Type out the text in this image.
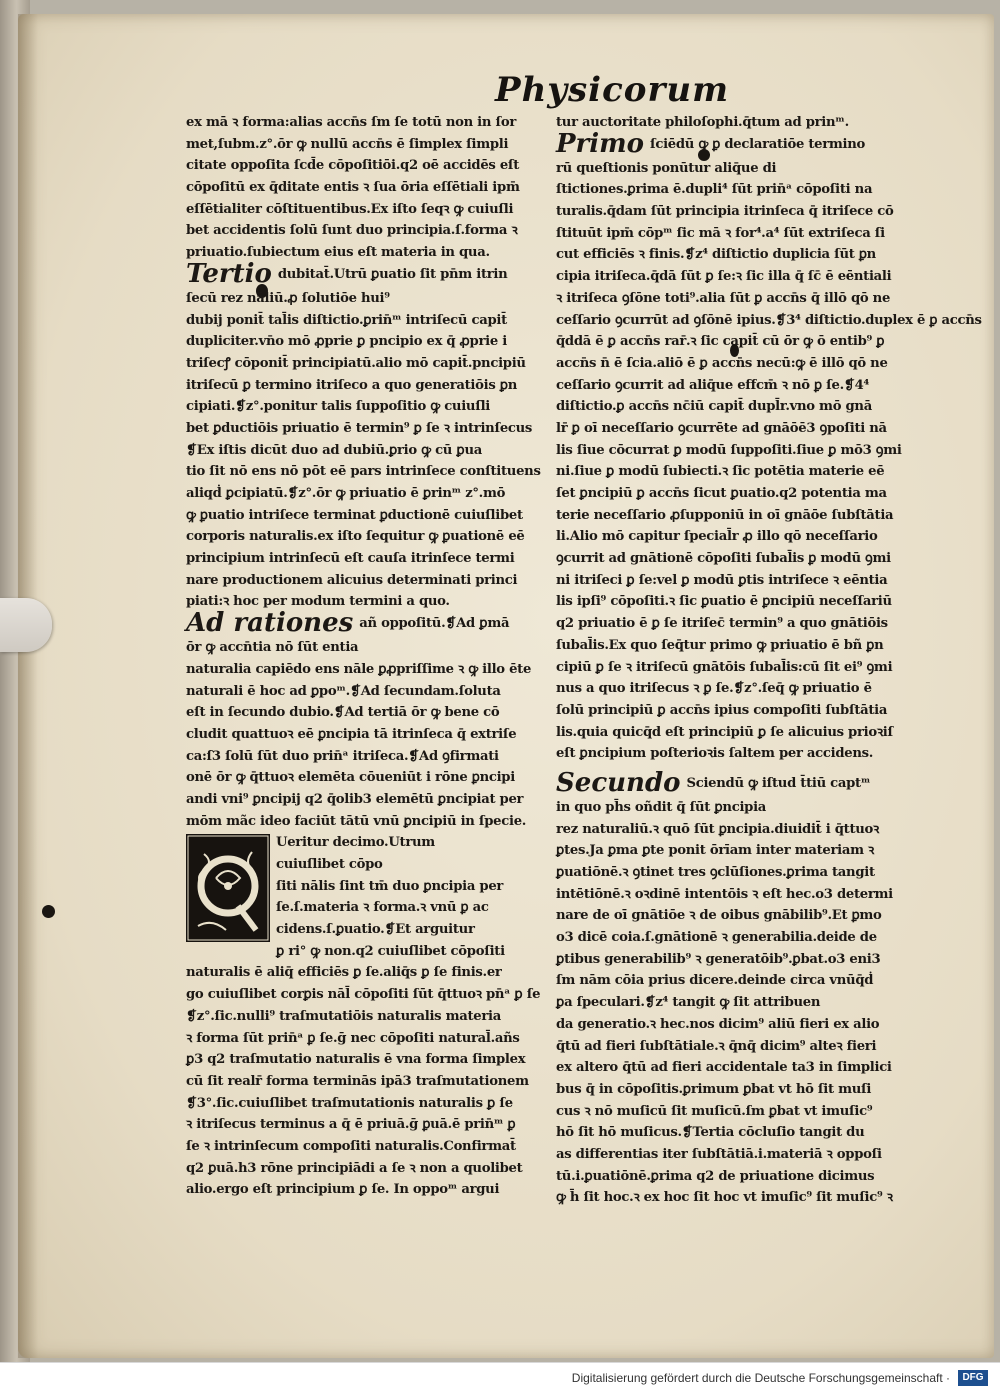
Physicorum
ex mā ꝛ forma:alias accn̄s ſm ſe totū non in ſor
met,ſubm.z°.ōr ꝙ nullū accn̄s ē ſimplex ſimpli
citate oppoſita ſcd̄e cōpoſitiōi.q2 oē accidēs eſt
cōpoſitū ex q̄ditate entis ꝛ ſua ōria eſſētiali ipm̄
eſſētialiter cōſtituentibus.Ex iſto ſeqꝛ ꝙ cuiuſli
bet accidentis ſolū ſunt duo principia.ſ.forma ꝛ
priuatio.ſubiectum eius eſt materia in qua.
Tertio dubitat̄.Utrū ꝑuatio ſit pn̄m itrin
ſecū rez nāliū.ꝓ ſolutiōe hui⁹
dubij ponit̄ tal̄is diſtictio.ꝑrin̄ᵐ intriſecū capit̄
dupliciter.vn̄o mō ꝓprie ꝑ pncipio ex q̄ ꝓprie i
triſecꝭ cōponit̄ principiatū.alio mō capit̄.pncipiū
itriſecū ꝑ termino itriſeco a quo generatiōis ꝑn
cipiati.❡z°.ponitur talis ſuppoſitio ꝙ cuiuſli
bet ꝑductiōis priuatio ē termin⁹ ꝑ ſe ꝛ intrinſecus
❡Ex iſtis dicūt duo ad dubiū.ꝑrio ꝙ cū ꝑua
tio ſit nō ens nō pōt eē pars intrinſece conſtituens
aliqḋ ꝑcipiatū.❡z°.ōr ꝙ priuatio ē ꝑrinᵐ z°.mō
ꝙ ꝑuatio intriſece terminat ꝑductionē cuiuſlibet
corporis naturalis.ex iſto ſequitur ꝙ ꝑuationē eē
principium intrinſecū eſt cauſa itrinſece termi
nare productionem alicuius determinati princi
piati:ꝛ hoc per modum termini a quo.
Ad rationes añ oppoſitū.❡Ad ꝑmā
ōr ꝙ accn̄tia nō ſūt entia
naturalia capiēdo ens nāle ꝑꝓpriſſime ꝛ ꝙ illo ēte
naturali ē hoc ad ꝑpoᵐ.❡Ad ſecundam.ſoluta
eſt in ſecundo dubio.❡Ad tertiā ōr ꝙ bene cō
cludit quattuoꝛ eē ꝑncipia tā itrinſeca q̄ extriſe
ca:ſ3 ſolū ſūt duo prin̄ᵃ itriſeca.❡Ad ꝯfirmati
onē ōr ꝙ q̄ttuoꝛ elemēta cōueniūt i rōne ꝑncipi
andi vni⁹ ꝑncipij q2 q̄olib3 elemētū ꝑncipiat per
mōm mãc ideo faciūt tātū vnū ꝑncipiū in ſpecie.
Ueritur decimo.Utrum
cuiuſlibet cōpo
ſiti nālis ſint tm̄ duo ꝑncipia per
ſe.ſ.materia ꝛ forma.ꝛ vnū ꝑ ac
cidens.ſ.ꝑuatio.❡Et arguitur
ꝑ ri° ꝙ non.q2 cuiuſlibet cōpoſiti
naturalis ē aliq̄ efficiēs ꝑ ſe.aliq̄s ꝑ ſe finis.er
go cuiuſlibet corꝑis nāl̄ cōpoſiti ſūt q̄ttuoꝛ pn̄ᵃ ꝑ ſe
❡z°.ſic.nulli⁹ traſmutatiōis naturalis materia
ꝛ forma ſūt prin̄ᵃ ꝑ ſe.ḡ nec cōpoſiti natural̄.añs
ꝑ3 q2 traſmutatio naturalis ē vna forma ſimplex
cū ſit realr̄ forma terminās ipā3 traſmutationem
❡3°.ſic.cuiuſlibet traſmutationis naturalis ꝑ ſe
ꝛ itriſecus terminus a q̄ ē priuā.ḡ ꝑuā.ē prin̄ᵐ ꝑ
ſe ꝛ intrinſecum compoſiti naturalis.Confirmat̄
q2 ꝑuā.h3 rōne principiādi a ſe ꝛ non a quolibet
alio.ergo eſt principium ꝑ ſe. In oppoᵐ argui
tur auctoritate philoſophi.q̄tum ad prinᵐ.
Primo ſciēdū ꝙ ꝑ declaratiōe termino
rū queſtionis ponūtur aliq̄ue di
ſtictiones.ꝑrima ē.dupli⁴ ſūt prin̄ᵃ cōpoſiti na
turalis.q̄dam ſūt principia itrinſeca q̄ itriſece cō
ſtituūt ipm̄ cōpᵐ ſic mā ꝛ for⁴.a⁴ ſūt extriſeca ſi
cut efficiēs ꝛ finis.❡z⁴ diſtictio duplicia ſūt ꝑn
cipia itriſeca.q̄dā ſūt ꝑ ſe:ꝛ ſic illa q̄ ſc̄ ē eēntiali
ꝛ itriſeca ꝯſōne toti⁹.alia ſūt ꝑ accn̄s q̄ illō qō ne
ceſſario ꝯcurrūt ad ꝯſōnē ipius.❡3⁴ diſtictio.duplex ē ꝑ accn̄s
q̄ddā ē ꝑ accn̄s rar̄.ꝛ ſic capit̄ cū ōr ꝙ ō entib⁹ ꝑ
accn̄s n̄ ē ſcia.aliō ē ꝑ accn̄s necū:ꝙ ē illō qō ne
ceſſario ꝯcurrit ad aliq̄ue effcm̄ ꝛ nō ꝑ ſe.❡4⁴
diſtictio.ꝑ accn̄s nc̄iū capit̄ dupl̄r.vno mō gnā
lr̄ ꝑ oī neceſſario ꝯcurrēte ad gnāōē3 ꝯpoſiti nā
lis ſiue cōcurrat ꝑ modū ſuppoſiti.ſiue ꝑ mō3 ꝯmi
ni.ſiue ꝑ modū ſubiecti.ꝛ ſic potētia materie eē
ſet ꝑncipiū ꝑ accn̄s ſicut ꝑuatio.q2 potentia ma
terie neceſſario ꝓſupponiū in oī gnāōe ſubſtātia
li.Alio mō capitur ſpecial̄r ꝓ illo qō neceſſario
ꝯcurrit ad gnātionē cōpoſiti ſubal̄is ꝑ modū ꝯmi
ni itriſeci ꝑ ſe:vel ꝑ modū ꝑtis intriſece ꝛ eēntia
lis ipſi⁹ cōpoſiti.ꝛ ſic ꝑuatio ē ꝑncipiū neceſſariū
q2 priuatio ē ꝑ ſe itriſec̄ termin⁹ a quo gnātiōis
ſubal̄is.Ex quo ſeq̄tur primo ꝙ priuatio ē bñ ꝑn
cipiū ꝑ ſe ꝛ itriſecū gnātōis ſubal̄is:cū ſit ei⁹ ꝯmi
nus a quo itriſecus ꝛ ꝑ ſe.❡z°.ſeq̄ ꝙ priuatio ē
ſolū principiū ꝑ accn̄s ipius compoſiti ſubſtātia
lis.quia quicq̄d eſt principiū ꝑ ſe alicuius prioꝛiſ
eſt ꝑncipium poſterioꝛis ſaltem per accidens.
Secundo Sciendū ꝙ iſtud t̄tiū captᵐ
in quo ph̄s oñdit q̄ ſūt ꝑncipia
rez naturaliū.ꝛ quō ſūt ꝑncipia.diuidit̄ i q̄ttuoꝛ
ꝑtes.Ja ꝑma ꝑte ponit ōrīam inter materiam ꝛ
ꝑuatiōnē.ꝛ ꝯtinet tres ꝯclūſiones.ꝑrima tangit
intētiōnē.ꝛ oꝛdinē intentōis ꝛ eſt hec.o3 determi
nare de oī gnātiōe ꝛ de oibus gnābilib⁹.Et ꝑmo
o3 dicē coia.ſ.gnātionē ꝛ generabilia.deide de
ꝑtibus generabilib⁹ ꝛ generatōib⁹.ꝑbat.o3 eni3
ſm nām cōia prius dicere.deinde circa vnūq̄ḋ
ꝑa ſpeculari.❡z⁴ tangit ꝙ ſit attribuen
da generatio.ꝛ hec.nos dicim⁹ aliū fieri ex alio
q̄tū ad fieri ſubſtātiale.ꝛ q̄nq̄ dicim⁹ alteꝛ fieri
ex altero q̄tū ad fieri accidentale ta3 in ſimplici
bus q̄ in cōpoſitis.ꝑrimum ꝑbat vt hō ſit muſi
cus ꝛ nō muſicū ſit muſicū.ſm ꝑbat vt imuſic⁹
hō ſit hō muſicus.❡Tertia cōcluſio tangit du
as differentias iter ſubſtātiā.i.materiā ꝛ oppoſi
tū.i.ꝑuatiōnē.ꝑrima q2 de priuatione dicimus
ꝙ h̄ ſit hoc.ꝛ ex hoc ſit hoc vt imuſic⁹ ſit muſic⁹ ꝛ
Digitalisierung gefördert durch die Deutsche Forschungsgemeinschaft ·	DFG
